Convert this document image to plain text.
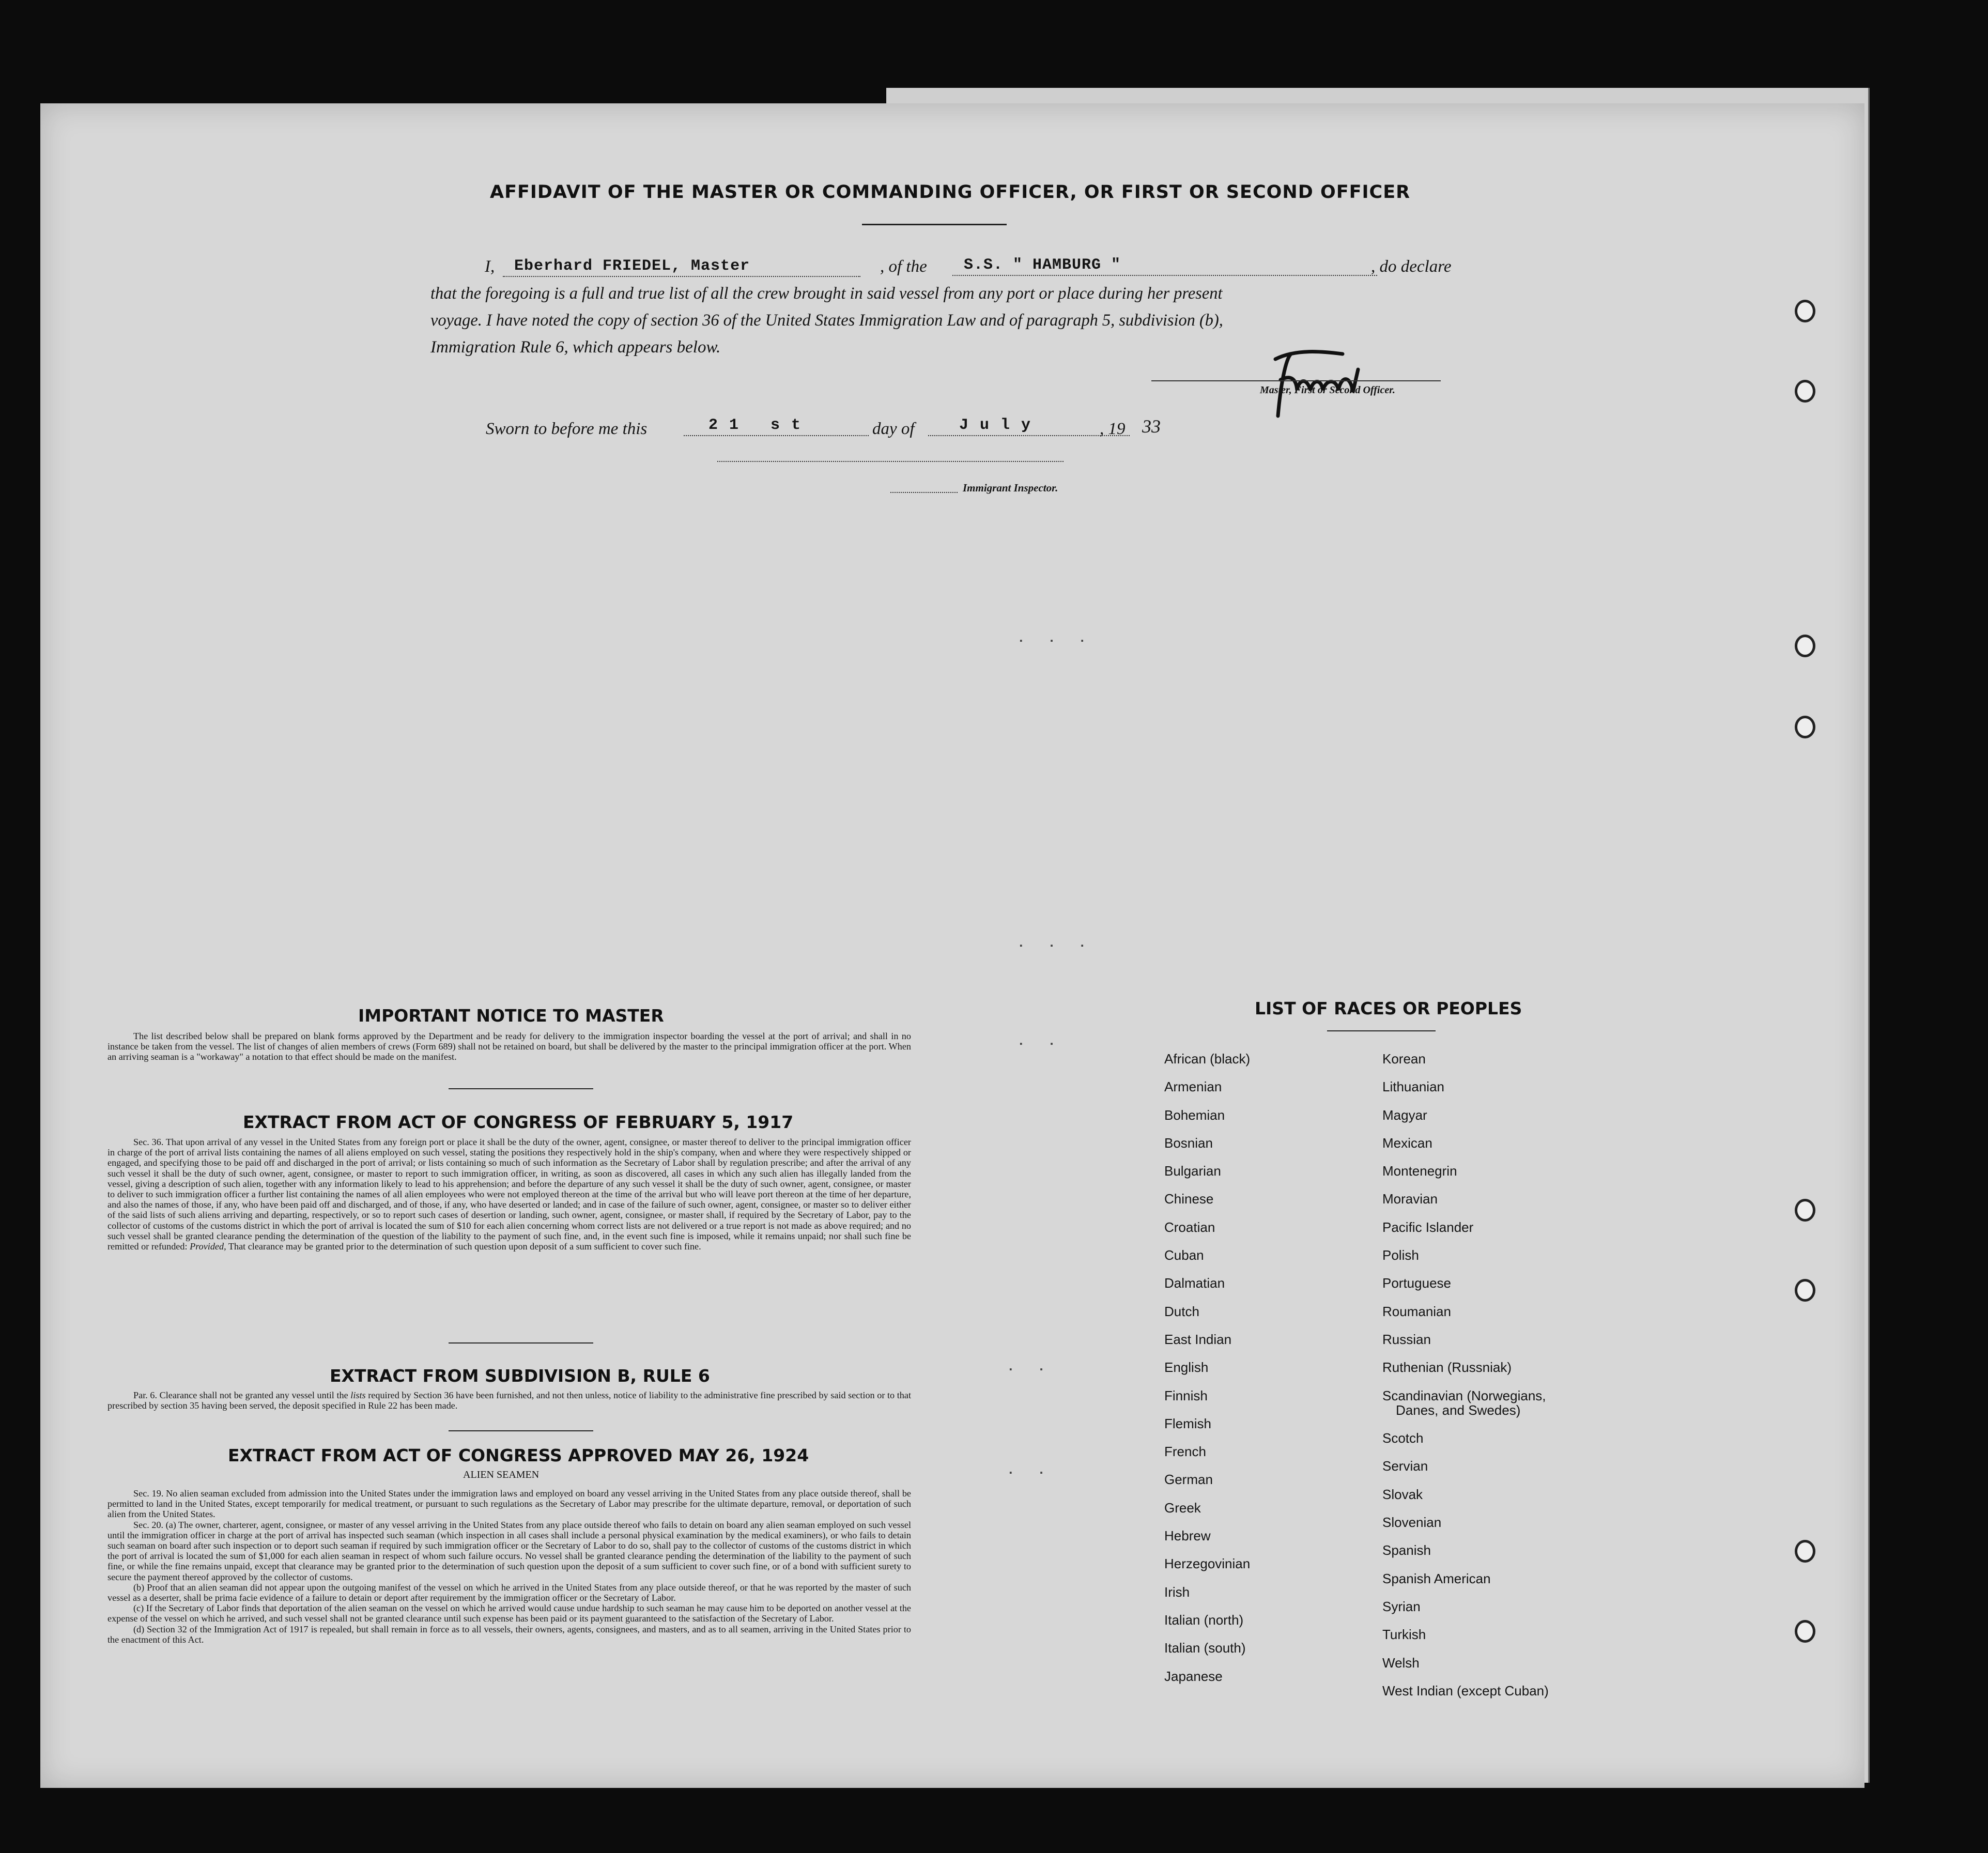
AFFIDAVIT OF THE MASTER OR COMMANDING OFFICER, OR FIRST OR SECOND OFFICER
I,	Eberhard FRIEDEL, Master	, of the	S.S. " HAMBURG "	, do declare
that the foregoing is a full and true list of all the crew brought in said vessel from any port or place during her present
voyage. I have noted the copy of section 36 of the United States Immigration Law and of paragraph 5, subdivision (b),
Immigration Rule 6, which appears below.
Master, First or Second Officer.
Sworn to before me this	21 st	day of	July	, 19 33
Immigrant Inspector.
. . .
. . .
. .
. .
. .
IMPORTANT NOTICE TO MASTER

The list described below shall be prepared on blank forms approved by the Department and be ready for delivery to the immigration inspector boarding the vessel at the port of arrival; and shall in no instance be taken from the vessel. The list of changes of alien members of crews (Form 689) shall not be retained on board, but shall be delivered by the master to the principal immigration officer at the port. When an arriving seaman is a "workaway" a notation to that effect should be made on the manifest.

EXTRACT FROM ACT OF CONGRESS OF FEBRUARY 5, 1917

Sec. 36. That upon arrival of any vessel in the United States from any foreign port or place it shall be the duty of the owner, agent, consignee, or master thereof to deliver to the principal immigration officer in charge of the port of arrival lists containing the names of all aliens employed on such vessel, stating the positions they respectively hold in the ship's company, when and where they were respectively shipped or engaged, and specifying those to be paid off and discharged in the port of arrival; or lists containing so much of such information as the Secretary of Labor shall by regulation prescribe; and after the arrival of any such vessel it shall be the duty of such owner, agent, consignee, or master to report to such immigration officer, in writing, as soon as discovered, all cases in which any such alien has illegally landed from the vessel, giving a description of such alien, together with any information likely to lead to his apprehension; and before the departure of any such vessel it shall be the duty of such owner, agent, consignee, or master to deliver to such immigration officer a further list containing the names of all alien employees who were not employed thereon at the time of the arrival but who will leave port thereon at the time of her departure, and also the names of those, if any, who have been paid off and discharged, and of those, if any, who have deserted or landed; and in case of the failure of such owner, agent, consignee, or master so to deliver either of the said lists of such aliens arriving and departing, respectively, or so to report such cases of desertion or landing, such owner, agent, consignee, or master shall, if required by the Secretary of Labor, pay to the collector of customs of the customs district in which the port of arrival is located the sum of $10 for each alien concerning whom correct lists are not delivered or a true report is not made as above required; and no such vessel shall be granted clearance pending the determination of the question of the liability to the payment of such fine, and, in the event such fine is imposed, while it remains unpaid; nor shall such fine be remitted or refunded: Provided, That clearance may be granted prior to the determination of such question upon deposit of a sum sufficient to cover such fine.

EXTRACT FROM SUBDIVISION B, RULE 6

Par. 6. Clearance shall not be granted any vessel until the lists required by Section 36 have been furnished, and not then unless, notice of liability to the administrative fine prescribed by said section or to that prescribed by section 35 having been served, the deposit specified in Rule 22 has been made.

EXTRACT FROM ACT OF CONGRESS APPROVED MAY 26, 1924
ALIEN SEAMEN

Sec. 19. No alien seaman excluded from admission into the United States under the immigration laws and employed on board any vessel arriving in the United States from any place outside thereof, shall be permitted to land in the United States, except temporarily for medical treatment, or pursuant to such regulations as the Secretary of Labor may prescribe for the ultimate departure, removal, or deportation of such alien from the United States.

Sec. 20. (a) The owner, charterer, agent, consignee, or master of any vessel arriving in the United States from any place outside thereof who fails to detain on board any alien seaman employed on such vessel until the immigration officer in charge at the port of arrival has inspected such seaman (which inspection in all cases shall include a personal physical examination by the medical examiners), or who fails to detain such seaman on board after such inspection or to deport such seaman if required by such immigration officer or the Secretary of Labor to do so, shall pay to the collector of customs of the customs district in which the port of arrival is located the sum of $1,000 for each alien seaman in respect of whom such failure occurs. No vessel shall be granted clearance pending the determination of the liability to the payment of such fine, or while the fine remains unpaid, except that clearance may be granted prior to the determination of such question upon the deposit of a sum sufficient to cover such fine, or of a bond with sufficient surety to secure the payment thereof approved by the collector of customs.

(b) Proof that an alien seaman did not appear upon the outgoing manifest of the vessel on which he arrived in the United States from any place outside thereof, or that he was reported by the master of such vessel as a deserter, shall be prima facie evidence of a failure to detain or deport after requirement by the immigration officer or the Secretary of Labor.

(c) If the Secretary of Labor finds that deportation of the alien seaman on the vessel on which he arrived would cause undue hardship to such seaman he may cause him to be deported on another vessel at the expense of the vessel on which he arrived, and such vessel shall not be granted clearance until such expense has been paid or its payment guaranteed to the satisfaction of the Secretary of Labor.

(d) Section 32 of the Immigration Act of 1917 is repealed, but shall remain in force as to all vessels, their owners, agents, consignees, and masters, and as to all seamen, arriving in the United States prior to the enactment of this Act.

LIST OF RACES OR PEOPLES
African (black)
Armenian
Bohemian
Bosnian
Bulgarian
Chinese
Croatian
Cuban
Dalmatian
Dutch
East Indian
English
Finnish
Flemish
French
German
Greek
Hebrew
Herzegovinian
Irish
Italian (north)
Italian (south)
Japanese
Korean
Lithuanian
Magyar
Mexican
Montenegrin
Moravian
Pacific Islander
Polish
Portuguese
Roumanian
Russian
Ruthenian (Russniak)
Scandinavian (Norwegians,
Danes, and Swedes)
Scotch
Servian
Slovak
Slovenian
Spanish
Spanish American
Syrian
Turkish
Welsh
West Indian (except Cuban)
